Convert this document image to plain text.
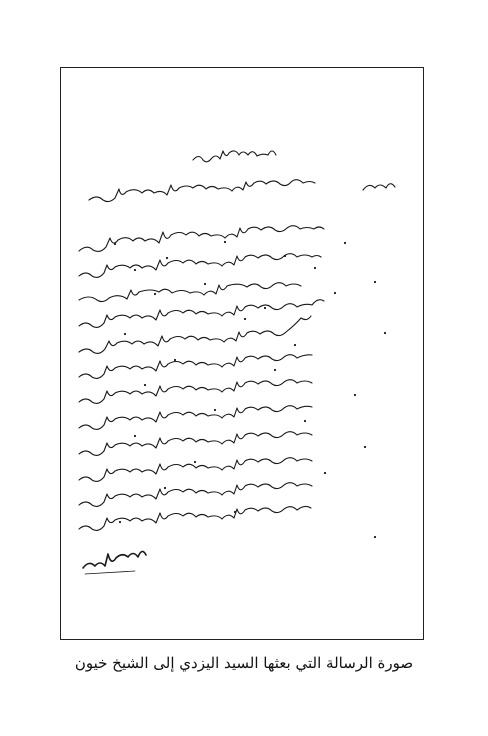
صورة الرسالة التي بعثها السيد اليزدي إلى الشيخ خيون
